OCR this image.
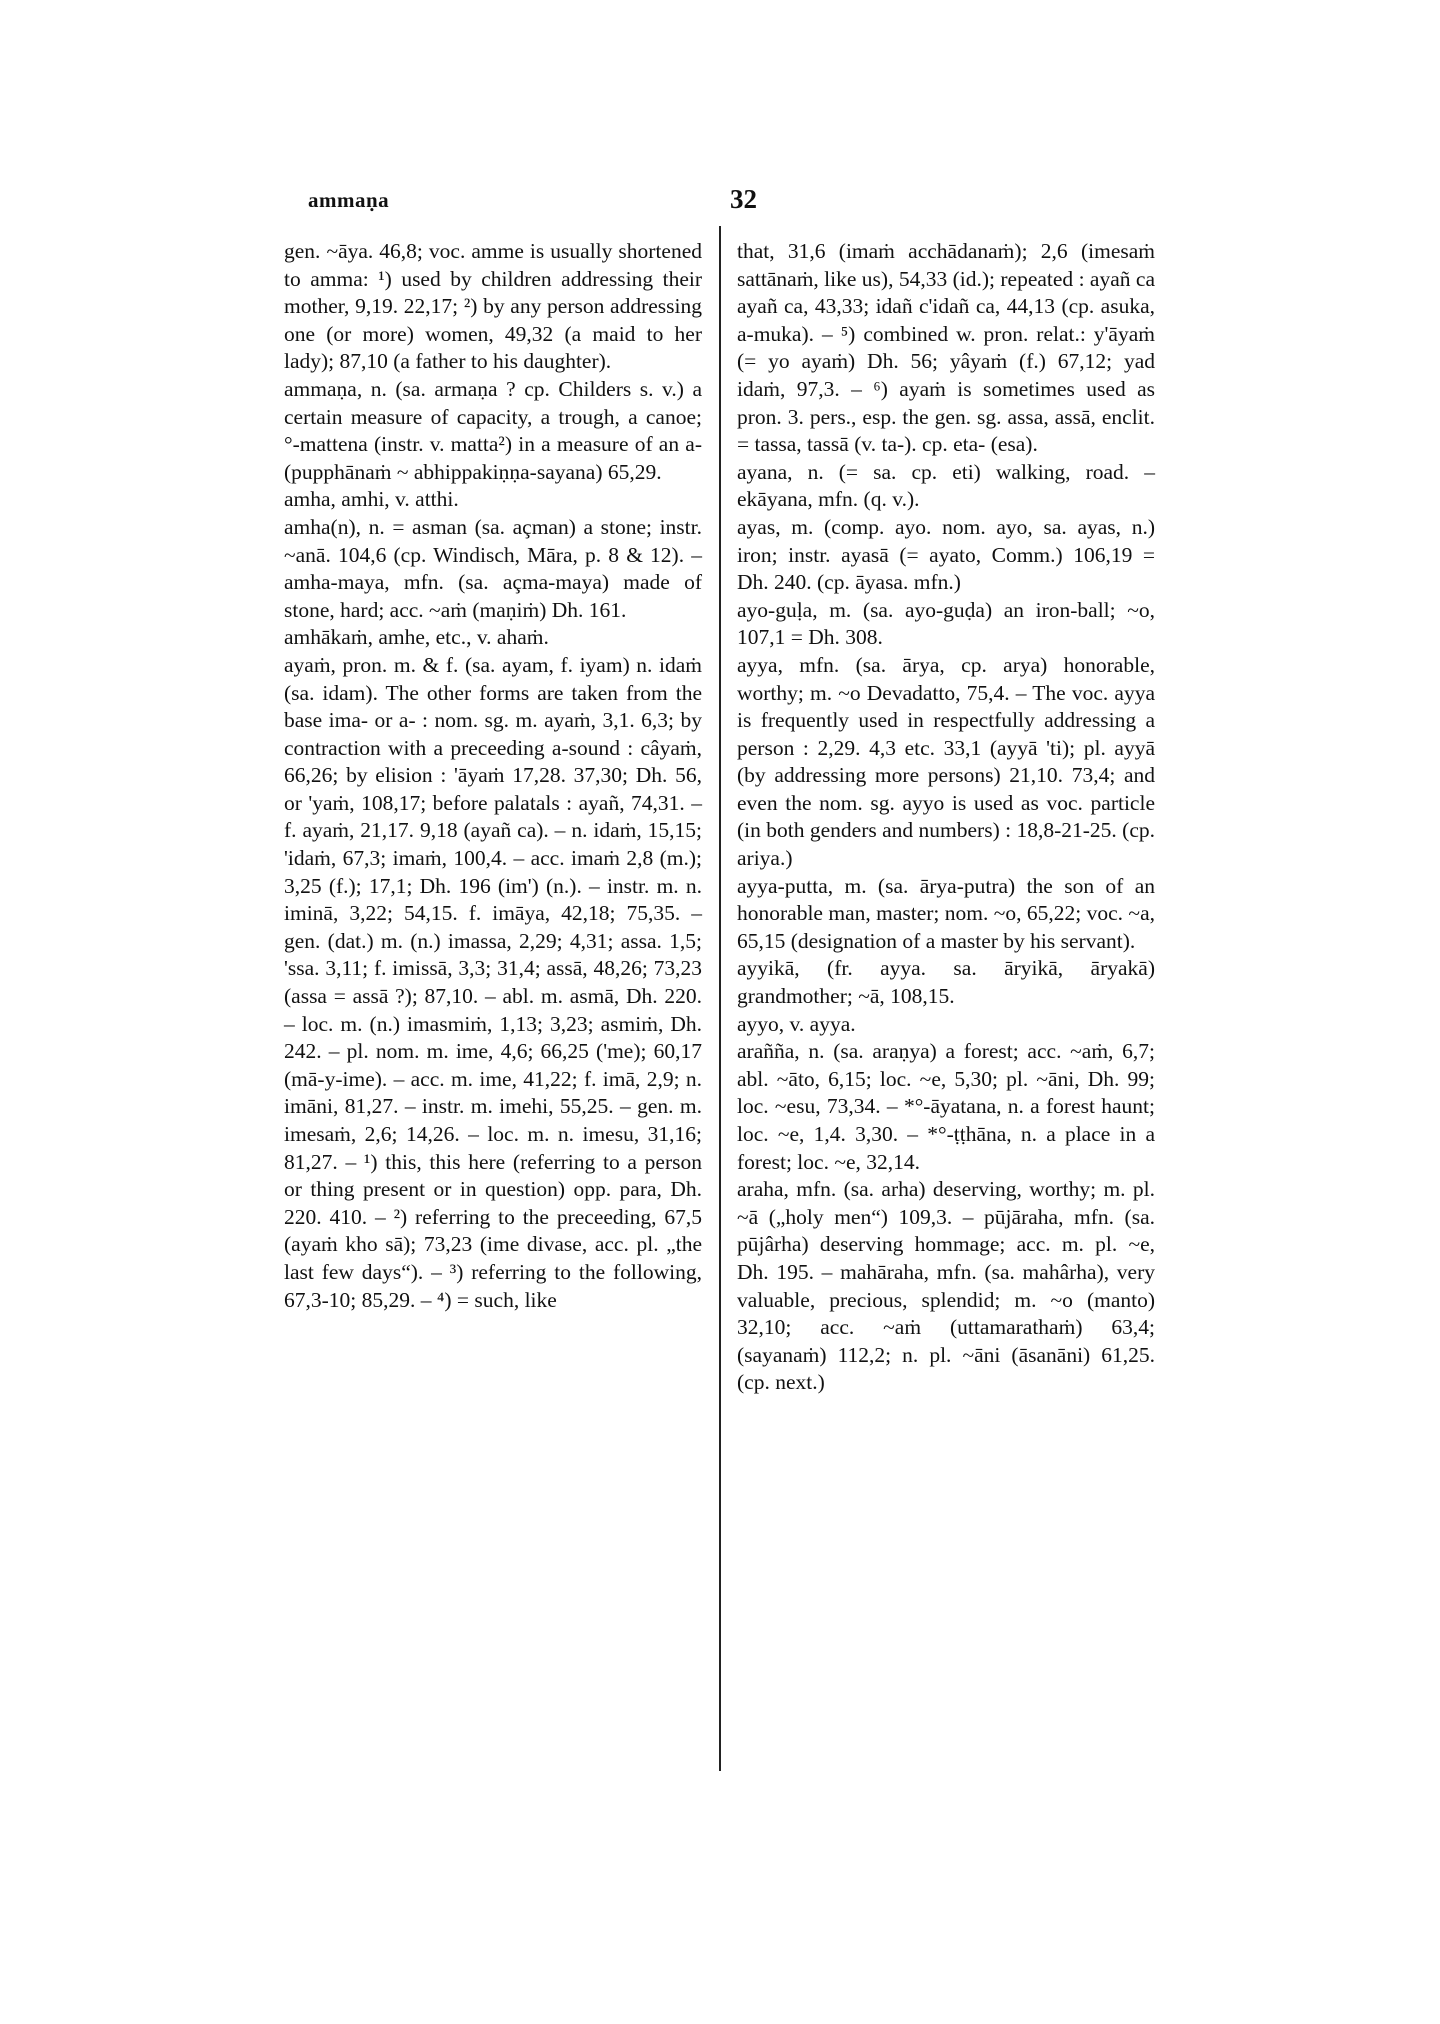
ammaṇa	32

gen. ~āya. 46,8; voc. amme is usually shortened to amma: ¹) used by children addressing their mother, 9,19. 22,17; ²) by any person addressing one (or more) women, 49,32 (a maid to her lady); 87,10 (a father to his daughter).

ammaṇa, n. (sa. armaṇa ? cp. Childers s. v.) a certain measure of capacity, a trough, a canoe; °-mattena (instr. v. matta²) in a measure of an a-(pupphānaṁ ~ abhippakiṇṇa-sayana) 65,29.

amha, amhi, v. atthi.

amha(n), n. = asman (sa. açman) a stone; instr. ~anā. 104,6 (cp. Windisch, Māra, p. 8 & 12). – amha-maya, mfn. (sa. açma-maya) made of stone, hard; acc. ~aṁ (maṇiṁ) Dh. 161.

amhākaṁ, amhe, etc., v. ahaṁ.

ayaṁ, pron. m. & f. (sa. ayam, f. iyam) n. idaṁ (sa. idam). The other forms are taken from the base ima- or a- : nom. sg. m. ayaṁ, 3,1. 6,3; by contraction with a preceeding a-sound : câyaṁ, 66,26; by elision : 'āyaṁ 17,28. 37,30; Dh. 56, or 'yaṁ, 108,17; before palatals : ayañ, 74,31. – f. ayaṁ, 21,17. 9,18 (ayañ ca). – n. idaṁ, 15,15; 'idaṁ, 67,3; imaṁ, 100,4. – acc. imaṁ 2,8 (m.); 3,25 (f.); 17,1; Dh. 196 (im') (n.). – instr. m. n. iminā, 3,22; 54,15. f. imāya, 42,18; 75,35. – gen. (dat.) m. (n.) imassa, 2,29; 4,31; assa. 1,5; 'ssa. 3,11; f. imissā, 3,3; 31,4; assā, 48,26; 73,23 (assa = assā ?); 87,10. – abl. m. asmā, Dh. 220. – loc. m. (n.) imasmiṁ, 1,13; 3,23; asmiṁ, Dh. 242. – pl. nom. m. ime, 4,6; 66,25 ('me); 60,17 (mā-y-ime). – acc. m. ime, 41,22; f. imā, 2,9; n. imāni, 81,27. – instr. m. imehi, 55,25. – gen. m. imesaṁ, 2,6; 14,26. – loc. m. n. imesu, 31,16; 81,27. – ¹) this, this here (referring to a person or thing present or in question) opp. para, Dh. 220. 410. – ²) referring to the preceeding, 67,5 (ayaṁ kho sā); 73,23 (ime divase, acc. pl. „the last few days“). – ³) referring to the following, 67,3-10; 85,29. – ⁴) = such, like

that, 31,6 (imaṁ acchādanaṁ); 2,6 (imesaṁ sattānaṁ, like us), 54,33 (id.); repeated : ayañ ca ayañ ca, 43,33; idañ c'idañ ca, 44,13 (cp. asuka, a-muka). – ⁵) combined w. pron. relat.: y'āyaṁ (= yo ayaṁ) Dh. 56; yâyaṁ (f.) 67,12; yad idaṁ, 97,3. – ⁶) ayaṁ is sometimes used as pron. 3. pers., esp. the gen. sg. assa, assā, enclit. = tassa, tassā (v. ta-). cp. eta- (esa).

ayana, n. (= sa. cp. eti) walking, road. – ekāyana, mfn. (q. v.).

ayas, m. (comp. ayo. nom. ayo, sa. ayas, n.) iron; instr. ayasā (= ayato, Comm.) 106,19 = Dh. 240. (cp. āyasa. mfn.)

ayo-guḷa, m. (sa. ayo-guḍa) an iron-ball; ~o, 107,1 = Dh. 308.

ayya, mfn. (sa. ārya, cp. arya) honorable, worthy; m. ~o Devadatto, 75,4. – The voc. ayya is frequently used in respectfully addressing a person : 2,29. 4,3 etc. 33,1 (ayyā 'ti); pl. ayyā (by addressing more persons) 21,10. 73,4; and even the nom. sg. ayyo is used as voc. particle (in both genders and numbers) : 18,8-21-25. (cp. ariya.)

ayya-putta, m. (sa. ārya-putra) the son of an honorable man, master; nom. ~o, 65,22; voc. ~a, 65,15 (designation of a master by his servant).

ayyikā, (fr. ayya. sa. āryikā, āryakā) grandmother; ~ā, 108,15.

ayyo, v. ayya.

arañña, n. (sa. araṇya) a forest; acc. ~aṁ, 6,7; abl. ~āto, 6,15; loc. ~e, 5,30; pl. ~āni, Dh. 99; loc. ~esu, 73,34. – *°-āyatana, n. a forest haunt; loc. ~e, 1,4. 3,30. – *°-ṭṭhāna, n. a place in a forest; loc. ~e, 32,14.

araha, mfn. (sa. arha) deserving, worthy; m. pl. ~ā („holy men“) 109,3. – pūjāraha, mfn. (sa. pūjârha) deserving hommage; acc. m. pl. ~e, Dh. 195. – mahāraha, mfn. (sa. mahârha), very valuable, precious, splendid; m. ~o (manto) 32,10; acc. ~aṁ (uttamarathaṁ) 63,4; (sayanaṁ) 112,2; n. pl. ~āni (āsanāni) 61,25. (cp. next.)
